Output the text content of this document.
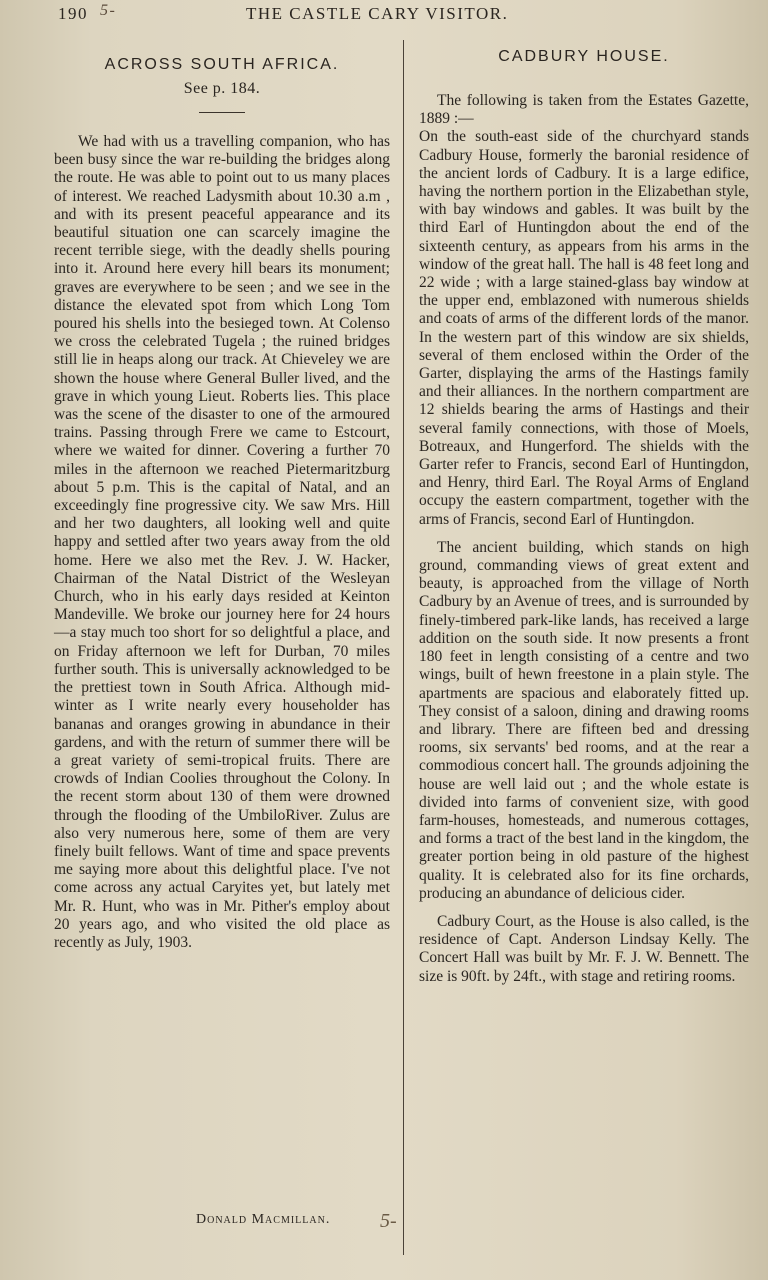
190 5-	THE CASTLE CARY VISITOR.
ACROSS SOUTH AFRICA.
See p. 184.

We had with us a travelling companion, who has been busy since the war re-building the bridges along the route. He was able to point out to us many places of interest. We reached Ladysmith about 10.30 a.m , and with its present peaceful appearance and its beautiful situation one can scarcely imagine the recent terrible siege, with the deadly shells pouring into it. Around here every hill bears its monument; graves are everywhere to be seen ; and we see in the distance the elevated spot from which Long Tom poured his shells into the besieged town. At Colenso we cross the celebrated Tugela ; the ruined bridges still lie in heaps along our track. At Chieveley we are shown the house where General Buller lived, and the grave in which young Lieut. Roberts lies. This place was the scene of the disaster to one of the armoured trains. Passing through Frere we came to Estcourt, where we waited for dinner. Covering a further 70 miles in the afternoon we reached Pietermaritzburg about 5 p.m. This is the capital of Natal, and an exceedingly fine progressive city. We saw Mrs. Hill and her two daughters, all looking well and quite happy and settled after two years away from the old home. Here we also met the Rev. J. W. Hacker, Chairman of the Natal District of the Wesleyan Church, who in his early days resided at Keinton Mandeville. We broke our journey here for 24 hours—a stay much too short for so delightful a place, and on Friday afternoon we left for Durban, 70 miles further south. This is universally acknowledged to be the prettiest town in South Africa. Although mid-winter as I write nearly every householder has bananas and oranges growing in abundance in their gardens, and with the return of summer there will be a great variety of semi-tropical fruits. There are crowds of Indian Coolies throughout the Colony. In the recent storm about 130 of them were drowned through the flooding of the UmbiloRiver. Zulus are also very numerous here, some of them are very finely built fellows. Want of time and space prevents me saying more about this delightful place. I've not come across any actual Caryites yet, but lately met Mr. R. Hunt, who was in Mr. Pither's employ about 20 years ago, and who visited the old place as recently as July, 1903.

Donald Macmillan. 5-
CADBURY HOUSE.
The following is taken from the Estates Gazette, 1889 :—
On the south-east side of the churchyard stands Cadbury House, formerly the baronial residence of the ancient lords of Cadbury. It is a large edifice, having the northern portion in the Elizabethan style, with bay windows and gables. It was built by the third Earl of Huntingdon about the end of the sixteenth century, as appears from his arms in the window of the great hall. The hall is 48 feet long and 22 wide ; with a large stained-glass bay window at the upper end, emblazoned with numerous shields and coats of arms of the different lords of the manor. In the western part of this window are six shields, several of them enclosed within the Order of the Garter, displaying the arms of the Hastings family and their alliances. In the northern compartment are 12 shields bearing the arms of Hastings and their several family connections, with those of Moels, Botreaux, and Hungerford. The shields with the Garter refer to Francis, second Earl of Huntingdon, and Henry, third Earl. The Royal Arms of England occupy the eastern compartment, together with the arms of Francis, second Earl of Huntingdon.

The ancient building, which stands on high ground, commanding views of great extent and beauty, is approached from the village of North Cadbury by an Avenue of trees, and is surrounded by finely-timbered park-like lands, has received a large addition on the south side. It now presents a front 180 feet in length consisting of a centre and two wings, built of hewn freestone in a plain style. The apartments are spacious and elaborately fitted up. They consist of a saloon, dining and drawing rooms and library. There are fifteen bed and dressing rooms, six servants' bed rooms, and at the rear a commodious concert hall. The grounds adjoining the house are well laid out ; and the whole estate is divided into farms of convenient size, with good farm-houses, homesteads, and numerous cottages, and forms a tract of the best land in the kingdom, the greater portion being in old pasture of the highest quality. It is celebrated also for its fine orchards, producing an abundance of delicious cider.

Cadbury Court, as the House is also called, is the residence of Capt. Anderson Lindsay Kelly. The Concert Hall was built by Mr. F. J. W. Bennett. The size is 90ft. by 24ft., with stage and retiring rooms.
